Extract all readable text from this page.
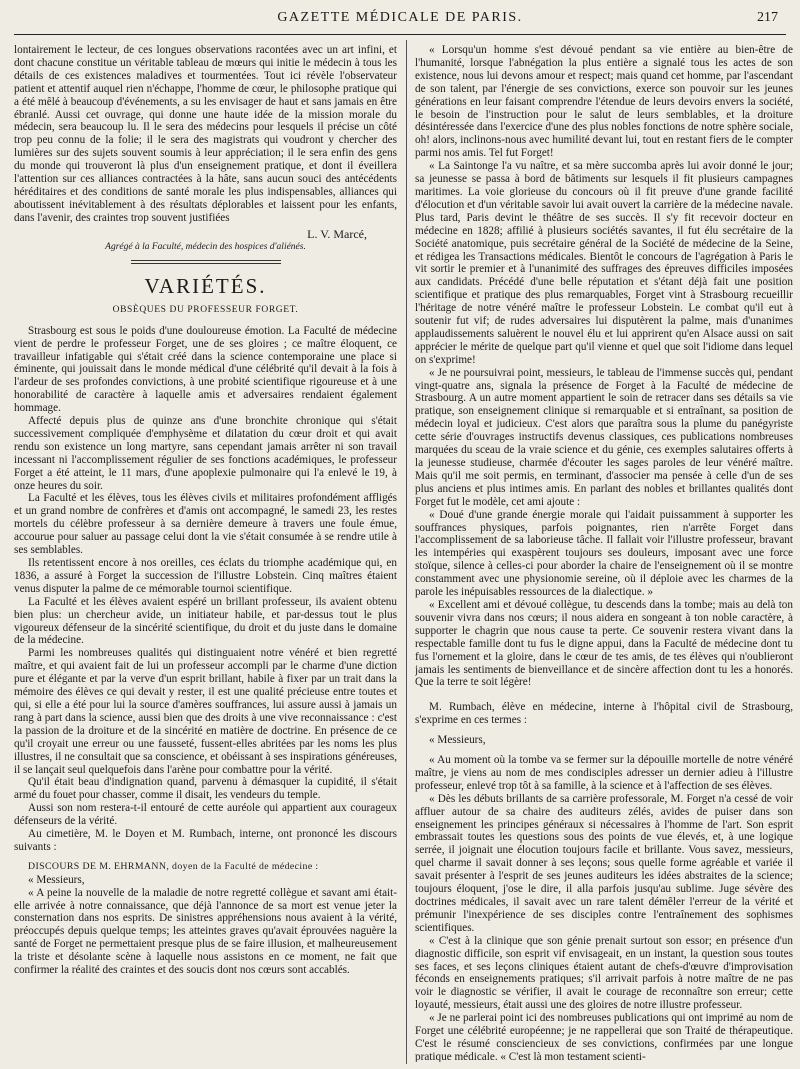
GAZETTE MÉDICALE DE PARIS.	217

lontairement le lecteur, de ces longues observations racontées avec un art infini, et dont chacune constitue un véritable tableau de mœurs qui initie le médecin à tous les détails de ces existences maladives et tourmentées. Tout ici révèle l'observateur patient et attentif auquel rien n'échappe, l'homme de cœur, le philosophe pratique qui a été mêlé à beaucoup d'événements, a su les envisager de haut et sans jamais en être ébranlé. Aussi cet ouvrage, qui donne une haute idée de la mission morale du médecin, sera beaucoup lu. Il le sera des médecins pour lesquels il précise un côté trop peu connu de la folie; il le sera des magistrats qui voudront y chercher des lumières sur des sujets souvent soumis à leur appréciation; il le sera enfin des gens du monde qui trouveront là plus d'un enseignement pratique, et dont il éveillera l'attention sur ces alliances contractées à la hâte, sans aucun souci des antécédents héréditaires et des conditions de santé morale les plus indispensables, alliances qui aboutissent inévitablement à des résultats déplorables et laissent pour les enfants, dans l'avenir, des craintes trop souvent justifiées

L. V. Marcé,
Agrégé à la Faculté, médecin des hospices d'aliénés.
VARIÉTÉS.
OBSÈQUES DU PROFESSEUR FORGET.

Strasbourg est sous le poids d'une douloureuse émotion. La Faculté de médecine vient de perdre le professeur Forget, une de ses gloires ; ce maître éloquent, ce travailleur infatigable qui s'était créé dans la science contemporaine une place si éminente, qui jouissait dans le monde médical d'une célébrité qu'il devait à la fois à l'ardeur de ses profondes convictions, à une probité scientifique rigoureuse et à une honorabilité de caractère à laquelle amis et adversaires rendaient également hommage.

Affecté depuis plus de quinze ans d'une bronchite chronique qui s'était successivement compliquée d'emphysème et dilatation du cœur droit et qui avait rendu son existence un long martyre, sans cependant jamais arrêter ni son travail incessant ni l'accomplissement régulier de ses fonctions académiques, le professeur Forget a été atteint, le 11 mars, d'une apoplexie pulmonaire qui l'a enlevé le 19, à onze heures du soir.

La Faculté et les élèves, tous les élèves civils et militaires profondément affligés et un grand nombre de confrères et d'amis ont accompagné, le samedi 23, les restes mortels du célèbre professeur à sa dernière demeure à travers une foule émue, accourue pour saluer au passage celui dont la vie s'était consumée à se rendre utile à ses semblables.

Ils retentissent encore à nos oreilles, ces éclats du triomphe académique qui, en 1836, a assuré à Forget la succession de l'illustre Lobstein. Cinq maîtres étaient venus disputer la palme de ce mémorable tournoi scientifique.

La Faculté et les élèves avaient espéré un brillant professeur, ils avaient obtenu bien plus: un chercheur avide, un initiateur habile, et par-dessus tout le plus vigoureux défenseur de la sincérité scientifique, du droit et du juste dans le domaine de la médecine.

Parmi les nombreuses qualités qui distinguaient notre vénéré et bien regretté maître, et qui avaient fait de lui un professeur accompli par le charme d'une diction pure et élégante et par la verve d'un esprit brillant, habile à fixer par un trait dans la mémoire des élèves ce qui devait y rester, il est une qualité précieuse entre toutes et qui, si elle a été pour lui la source d'amères souffrances, lui assure aussi à jamais un rang à part dans la science, aussi bien que des droits à une vive reconnaissance : c'est la passion de la droiture et de la sincérité en matière de doctrine. En présence de ce qu'il croyait une erreur ou une fausseté, fussent-elles abritées par les noms les plus illustres, il ne consultait que sa conscience, et obéissant à ses inspirations généreuses, il se lançait seul quelquefois dans l'arène pour combattre pour la vérité.

Qu'il était beau d'indignation quand, parvenu à démasquer la cupidité, il s'était armé du fouet pour chasser, comme il disait, les vendeurs du temple.

Aussi son nom restera-t-il entouré de cette auréole qui appartient aux courageux défenseurs de la vérité.

Au cimetière, M. le Doyen et M. Rumbach, interne, ont prononcé les discours suivants :

DISCOURS DE M. EHRMANN, doyen de la Faculté de médecine :

« Messieurs,

« A peine la nouvelle de la maladie de notre regretté collègue et savant ami était-elle arrivée à notre connaissance, que déjà l'annonce de sa mort est venue jeter la consternation dans nos esprits. De sinistres appréhensions nous avaient à la vérité, préoccupés depuis quelque temps; les atteintes graves qu'avait éprouvées naguère la santé de Forget ne permettaient presque plus de se faire illusion, et malheureusement la triste et désolante scène à laquelle nous assistons en ce moment, ne fait que confirmer la réalité des craintes et des soucis dont nos cœurs sont accablés.

« Lorsqu'un homme s'est dévoué pendant sa vie entière au bien-être de l'humanité, lorsque l'abnégation la plus entière a signalé tous les actes de son existence, nous lui devons amour et respect; mais quand cet homme, par l'ascendant de son talent, par l'énergie de ses convictions, exerce son pouvoir sur les jeunes générations en leur faisant comprendre l'étendue de leurs devoirs envers la société, le besoin de l'instruction pour le salut de leurs semblables, et la droiture désintéressée dans l'exercice d'une des plus nobles fonctions de notre sphère sociale, oh! alors, inclinons-nous avec humilité devant lui, tout en restant fiers de le compter parmi nos amis. Tel fut Forget!

« La Saintonge l'a vu naître, et sa mère succomba après lui avoir donné le jour; sa jeunesse se passa à bord de bâtiments sur lesquels il fit plusieurs campagnes maritimes. La voie glorieuse du concours où il fit preuve d'une grande facilité d'élocution et d'un véritable savoir lui avait ouvert la carrière de la médecine navale. Plus tard, Paris devint le théâtre de ses succès. Il s'y fit recevoir docteur en médecine en 1828; affilié à plusieurs sociétés savantes, il fut élu secrétaire de la Société anatomique, puis secrétaire général de la Société de médecine de la Seine, et rédigea les Transactions médicales. Bientôt le concours de l'agrégation à Paris le vit sortir le premier et à l'unanimité des suffrages des épreuves difficiles imposées aux candidats. Précédé d'une belle réputation et s'étant déjà fait une position scientifique et pratique des plus remarquables, Forget vint à Strasbourg recueillir l'héritage de notre vénéré maître le professeur Lobstein. Le combat qu'il eut à soutenir fut vif; de rudes adversaires lui disputèrent la palme, mais d'unanimes applaudissements saluèrent le nouvel élu et lui apprirent qu'en Alsace aussi on sait apprécier le mérite de quelque part qu'il vienne et quel que soit l'idiome dans lequel on s'exprime!

« Je ne poursuivrai point, messieurs, le tableau de l'immense succès qui, pendant vingt-quatre ans, signala la présence de Forget à la Faculté de médecine de Strasbourg. A un autre moment appartient le soin de retracer dans ses détails sa vie pratique, son enseignement clinique si remarquable et si entraînant, sa position de médecin loyal et judicieux. C'est alors que paraîtra sous la plume du panégyriste cette série d'ouvrages instructifs devenus classiques, ces publications nombreuses marquées du sceau de la vraie science et du génie, ces exemples salutaires offerts à la jeunesse studieuse, charmée d'écouter les sages paroles de leur vénéré maître. Mais qu'il me soit permis, en terminant, d'associer ma pensée à celle d'un de ses plus anciens et plus intimes amis. En parlant des nobles et brillantes qualités dont Forget fut le modèle, cet ami ajoute :

« Doué d'une grande énergie morale qui l'aidait puissamment à supporter les souffrances physiques, parfois poignantes, rien n'arrête Forget dans l'accomplissement de sa laborieuse tâche. Il fallait voir l'illustre professeur, bravant les intempéries qui exaspèrent toujours ses douleurs, imposant avec une force stoïque, silence à celles-ci pour aborder la chaire de l'enseignement où il se montre constamment avec une physionomie sereine, où il déploie avec les charmes de la parole les inépuisables ressources de la dialectique. »

« Excellent ami et dévoué collègue, tu descends dans la tombe; mais au delà ton souvenir vivra dans nos cœurs; il nous aidera en songeant à ton noble caractère, à supporter le chagrin que nous cause ta perte. Ce souvenir restera vivant dans la respectable famille dont tu fus le digne appui, dans la Faculté de médecine dont tu fus l'ornement et la gloire, dans le cœur de tes amis, de tes élèves qui n'oublieront jamais les sentiments de bienveillance et de sincère affection dont tu les a honorés. Que la terre te soit légère!

M. Rumbach, élève en médecine, interne à l'hôpital civil de Strasbourg, s'exprime en ces termes :

« Messieurs,

« Au moment où la tombe va se fermer sur la dépouille mortelle de notre vénéré maître, je viens au nom de mes condisciples adresser un dernier adieu à l'illustre professeur, enlevé trop tôt à sa famille, à la science et à l'affection de ses élèves.

« Dès les débuts brillants de sa carrière professorale, M. Forget n'a cessé de voir affluer autour de sa chaire des auditeurs zélés, avides de puiser dans son enseignement les principes généraux si nécessaires à l'homme de l'art. Son esprit embrassait toutes les questions sous des points de vue élevés, et, à une logique serrée, il joignait une élocution toujours facile et brillante. Vous savez, messieurs, quel charme il savait donner à ses leçons; sous quelle forme agréable et variée il savait présenter à l'esprit de ses jeunes auditeurs les idées abstraites de la science; toujours éloquent, j'ose le dire, il alla parfois jusqu'au sublime. Juge sévère des doctrines médicales, il savait avec un rare talent démêler l'erreur de la vérité et prémunir l'inexpérience de ses disciples contre l'entraînement des sophismes scientifiques.

« C'est à la clinique que son génie prenait surtout son essor; en présence d'un diagnostic difficile, son esprit vif envisageait, en un instant, la question sous toutes ses faces, et ses leçons cliniques étaient autant de chefs-d'œuvre d'improvisation féconds en enseignements pratiques; s'il arrivait parfois à notre maître de ne pas voir le diagnostic se vérifier, il avait le courage de reconnaître son erreur; cette loyauté, messieurs, était aussi une des gloires de notre illustre professeur.

« Je ne parlerai point ici des nombreuses publications qui ont imprimé au nom de Forget une célébrité européenne; je ne rappellerai que son Traité de thérapeutique. C'est le résumé consciencieux de ses convictions, confirmées par une longue pratique médicale. « C'est là mon testament scienti-
